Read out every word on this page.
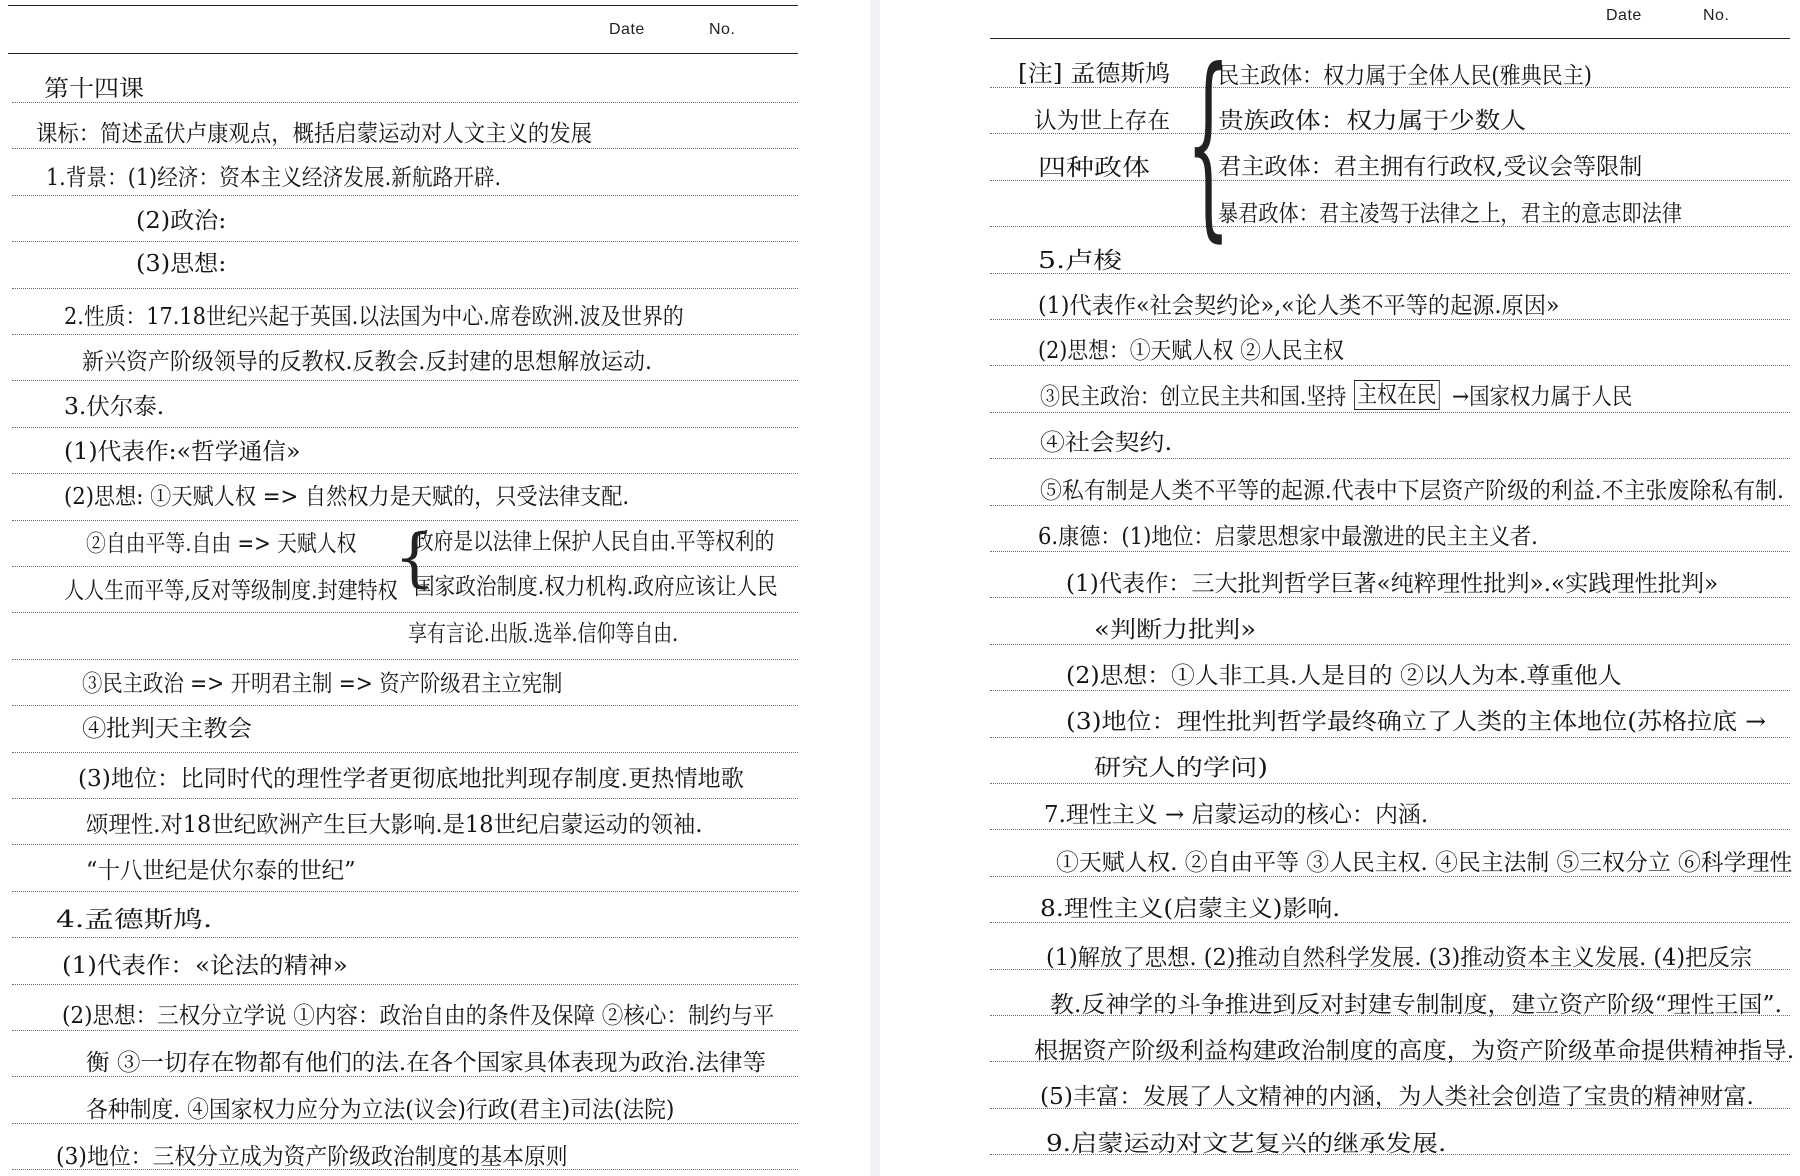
Date	No.
第十四课
课标：简述孟伏卢康观点，概括启蒙运动对人文主义的发展
1.背景：(1)经济：资本主义经济发展.新航路开辟.
(2)政治:
(3)思想:
2.性质：17.18世纪兴起于英国.以法国为中心.席卷欧洲.波及世界的
新兴资产阶级领导的反教权.反教会.反封建的思想解放运动.
3.伏尔泰.
(1)代表作:«哲学通信»
(2)思想: ①天赋人权 => 自然权力是天赋的，只受法律支配.
②自由平等.自由 => 天赋人权
人人生而平等,反对等级制度.封建特权
政府是以法律上保护人民自由.平等权利的
国家政治制度.权力机构.政府应该让人民
享有言论.出版.选举.信仰等自由.
③民主政治 => 开明君主制 => 资产阶级君主立宪制
④批判天主教会
(3)地位：比同时代的理性学者更彻底地批判现存制度.更热情地歌
颂理性.对18世纪欧洲产生巨大影响.是18世纪启蒙运动的领袖.
“十八世纪是伏尔泰的世纪”
4.孟德斯鸠.
(1)代表作：«论法的精神»
(2)思想：三权分立学说 ①内容：政治自由的条件及保障 ②核心：制约与平
衡 ③一切存在物都有他们的法.在各个国家具体表现为政治.法律等
各种制度. ④国家权力应分为立法(议会)行政(君主)司法(法院)
(3)地位：三权分立成为资产阶级政治制度的基本原则
{
Date	No.
[注] 孟德斯鸠
认为世上存在
四种政体 {
民主政体：权力属于全体人民(雅典民主)
贵族政体：权力属于少数人
君主政体：君主拥有行政权,受议会等限制
暴君政体：君主凌驾于法律之上，君主的意志即法律
5.卢梭
(1)代表作«社会契约论»,«论人类不平等的起源.原因»
(2)思想：①天赋人权 ②人民主权
③民主政治：创立民主共和国.坚持 主权在民 →国家权力属于人民
④社会契约.
⑤私有制是人类不平等的起源.代表中下层资产阶级的利益.不主张废除私有制.
6.康德：(1)地位：启蒙思想家中最激进的民主主义者.
(1)代表作：三大批判哲学巨著«纯粹理性批判».«实践理性批判»
«判断力批判»
(2)思想：①人非工具.人是目的 ②以人为本.尊重他人
(3)地位：理性批判哲学最终确立了人类的主体地位(苏格拉底 →
研究人的学问)
7.理性主义 → 启蒙运动的核心：内涵.
①天赋人权. ②自由平等 ③人民主权. ④民主法制 ⑤三权分立 ⑥科学理性
8.理性主义(启蒙主义)影响.
(1)解放了思想. (2)推动自然科学发展. (3)推动资本主义发展. (4)把反宗
教.反神学的斗争推进到反对封建专制制度，建立资产阶级“理性王国”.
根据资产阶级利益构建政治制度的高度，为资产阶级革命提供精神指导.
(5)丰富：发展了人文精神的内涵，为人类社会创造了宝贵的精神财富.
9.启蒙运动对文艺复兴的继承发展.
